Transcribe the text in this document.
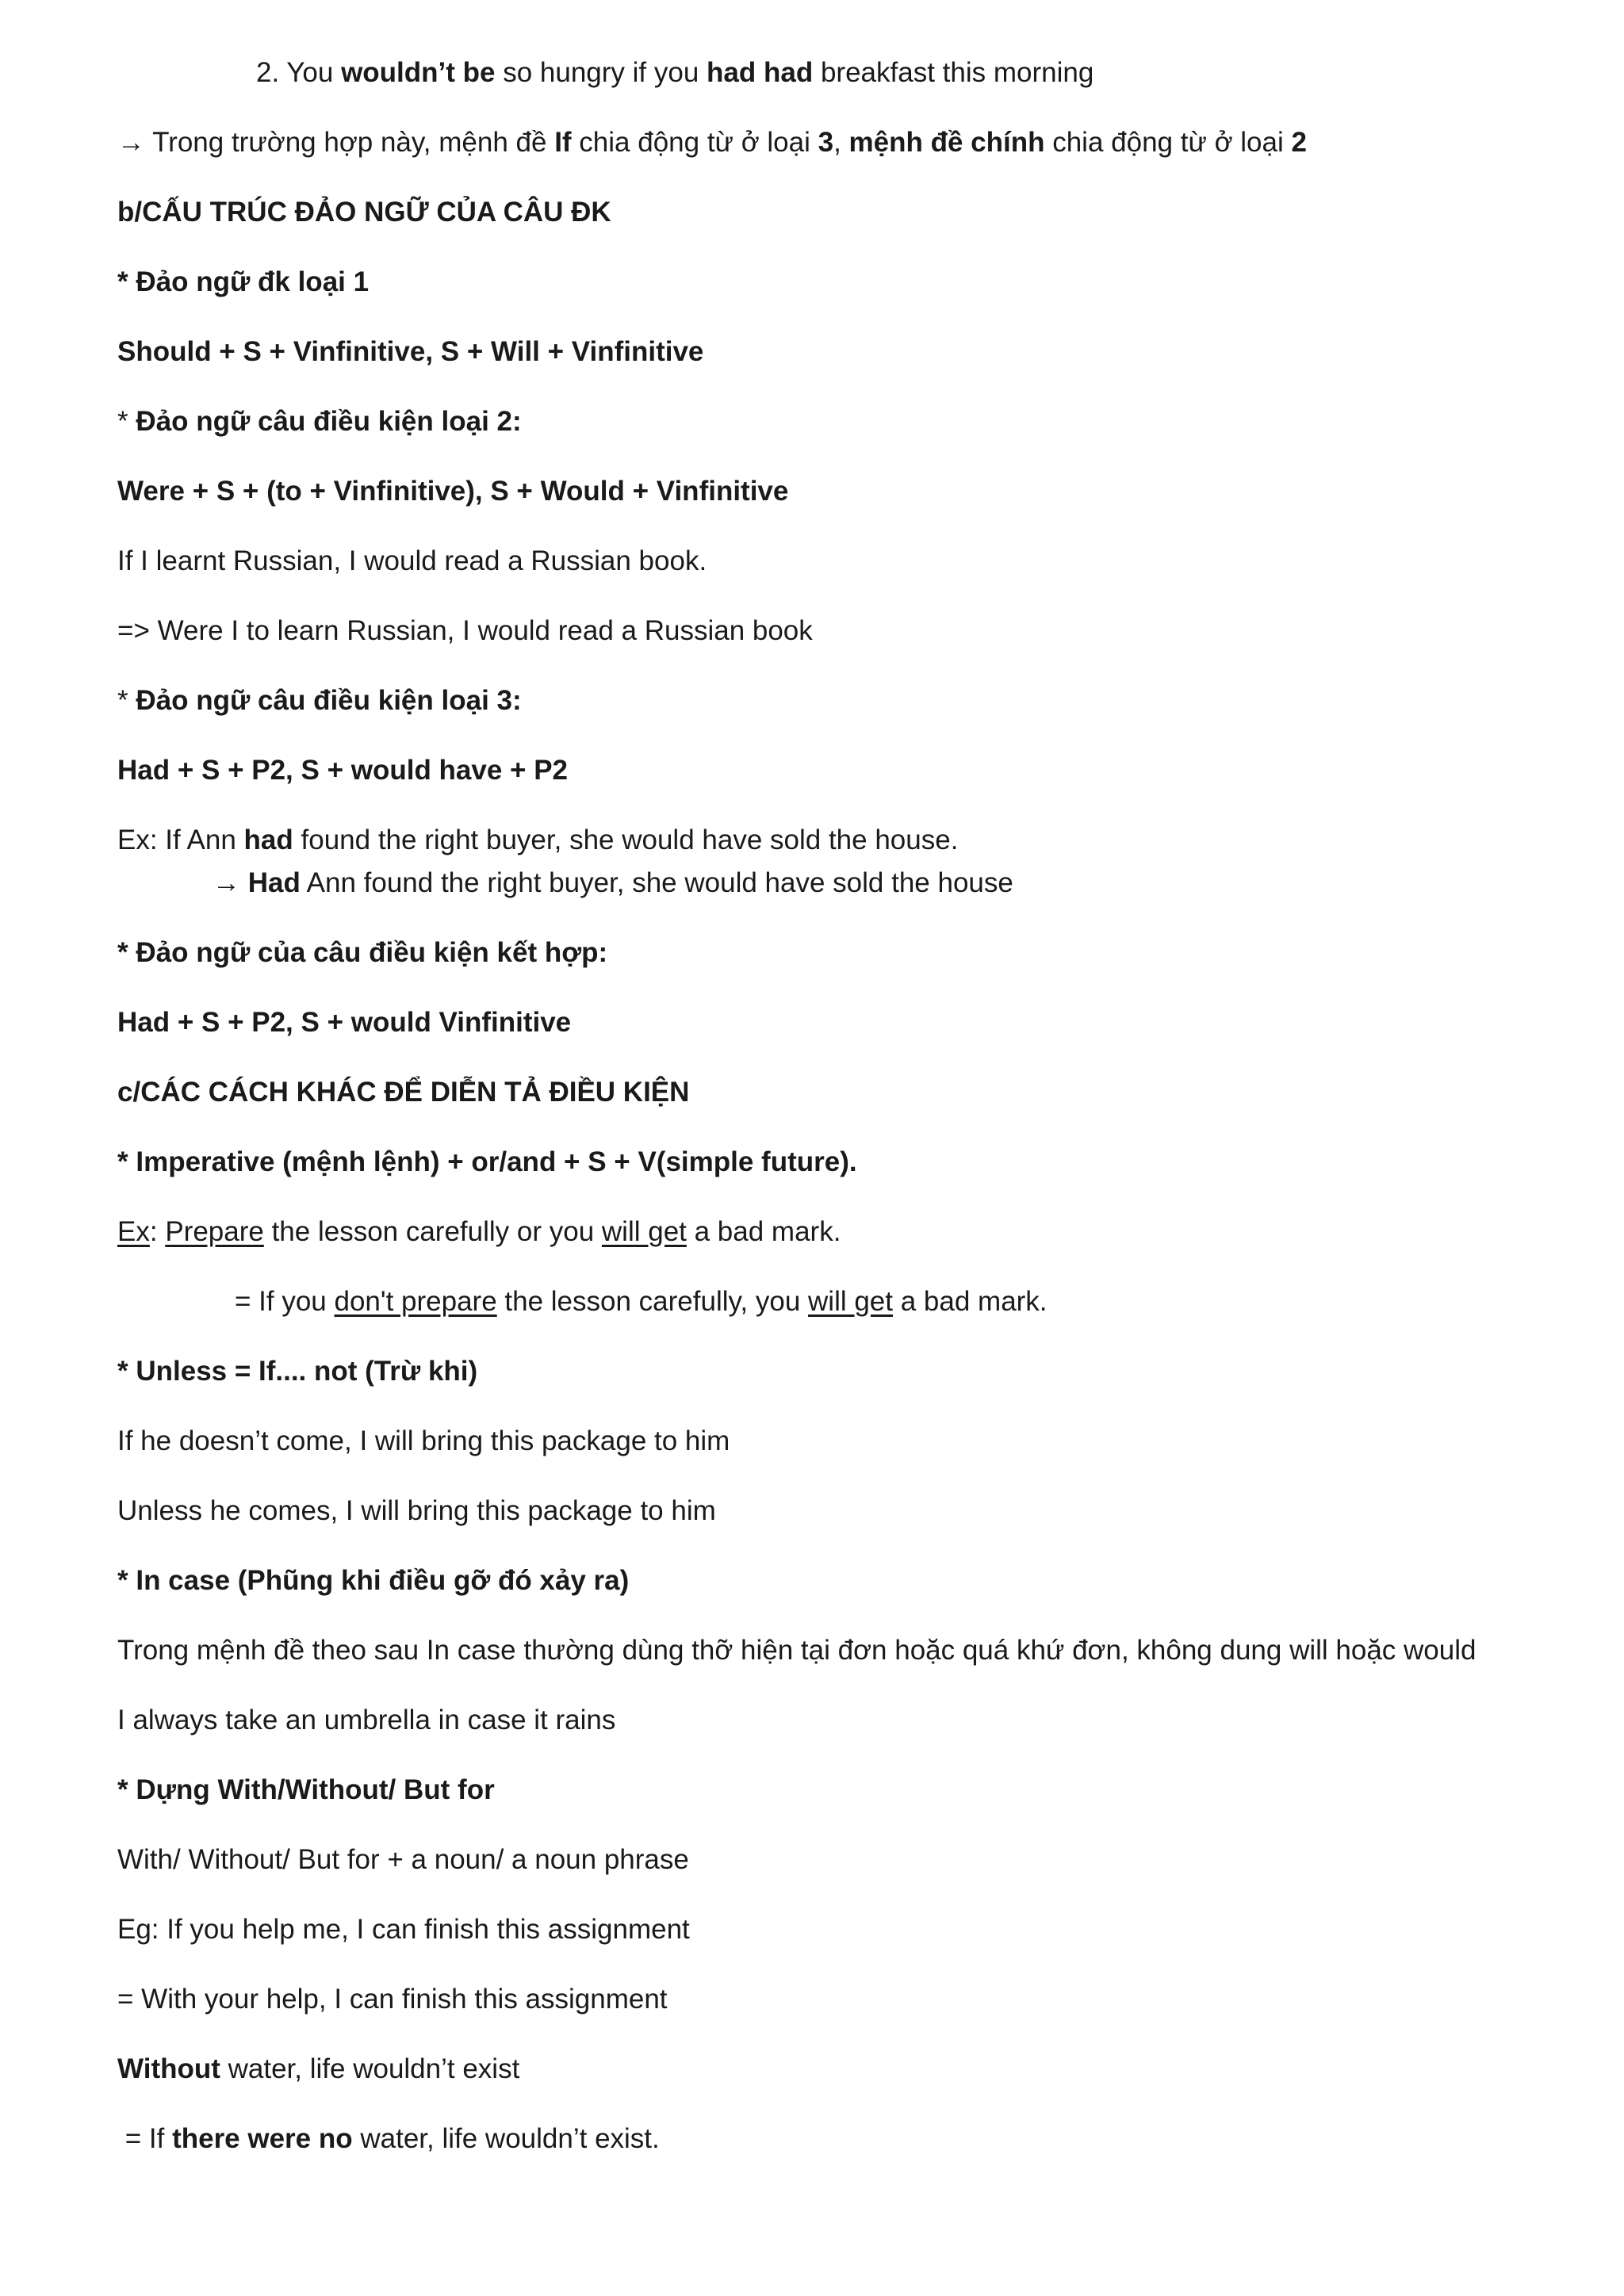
2. You wouldn’t be so hungry if you had had breakfast this morning
→ Trong trường hợp này, mệnh đề If chia động từ ở loại 3, mệnh đề chính chia động từ ở loại 2
b/CẤU TRÚC ĐẢO NGỮ CỦA CÂU ĐK
* Đảo ngữ đk loại 1
Should + S + Vinfinitive, S + Will + Vinfinitive
* Đảo ngữ câu điều kiện loại 2:
Were + S + (to + Vinfinitive), S + Would + Vinfinitive
If I learnt Russian, I would read a Russian book.
=> Were I to learn Russian, I would read a Russian book
* Đảo ngữ câu điều kiện loại 3:
Had + S + P2, S + would have + P2
Ex: If Ann had found the right buyer, she would have sold the house.
→ Had Ann found the right buyer, she would have sold the house
* Đảo ngữ của câu điều kiện kết hợp:
Had + S + P2, S + would Vinfinitive
c/CÁC CÁCH KHÁC ĐỂ DIỄN TẢ ĐIỀU KIỆN
* Imperative (mệnh lệnh) + or/and + S + V(simple future).
Ex: Prepare the lesson carefully or you will get a bad mark.
= If you don't prepare the lesson carefully, you will get a bad mark.
* Unless = If.... not (Trừ khi)
If he doesn’t come, I will bring this package to him
Unless he comes, I will bring this package to him
* In case (Phũng khi điều gỡ đó xảy ra)
Trong mệnh đề theo sau In case thường dùng thỡ hiện tại đơn hoặc quá khứ đơn, không dung will hoặc would
I always take an umbrella in case it rains
* Dựng With/Without/ But for
With/ Without/ But for + a noun/ a noun phrase
Eg: If you help me, I can finish this assignment
= With your help, I can finish this assignment
Without water, life wouldn’t exist
= If there were no water, life wouldn’t exist.
